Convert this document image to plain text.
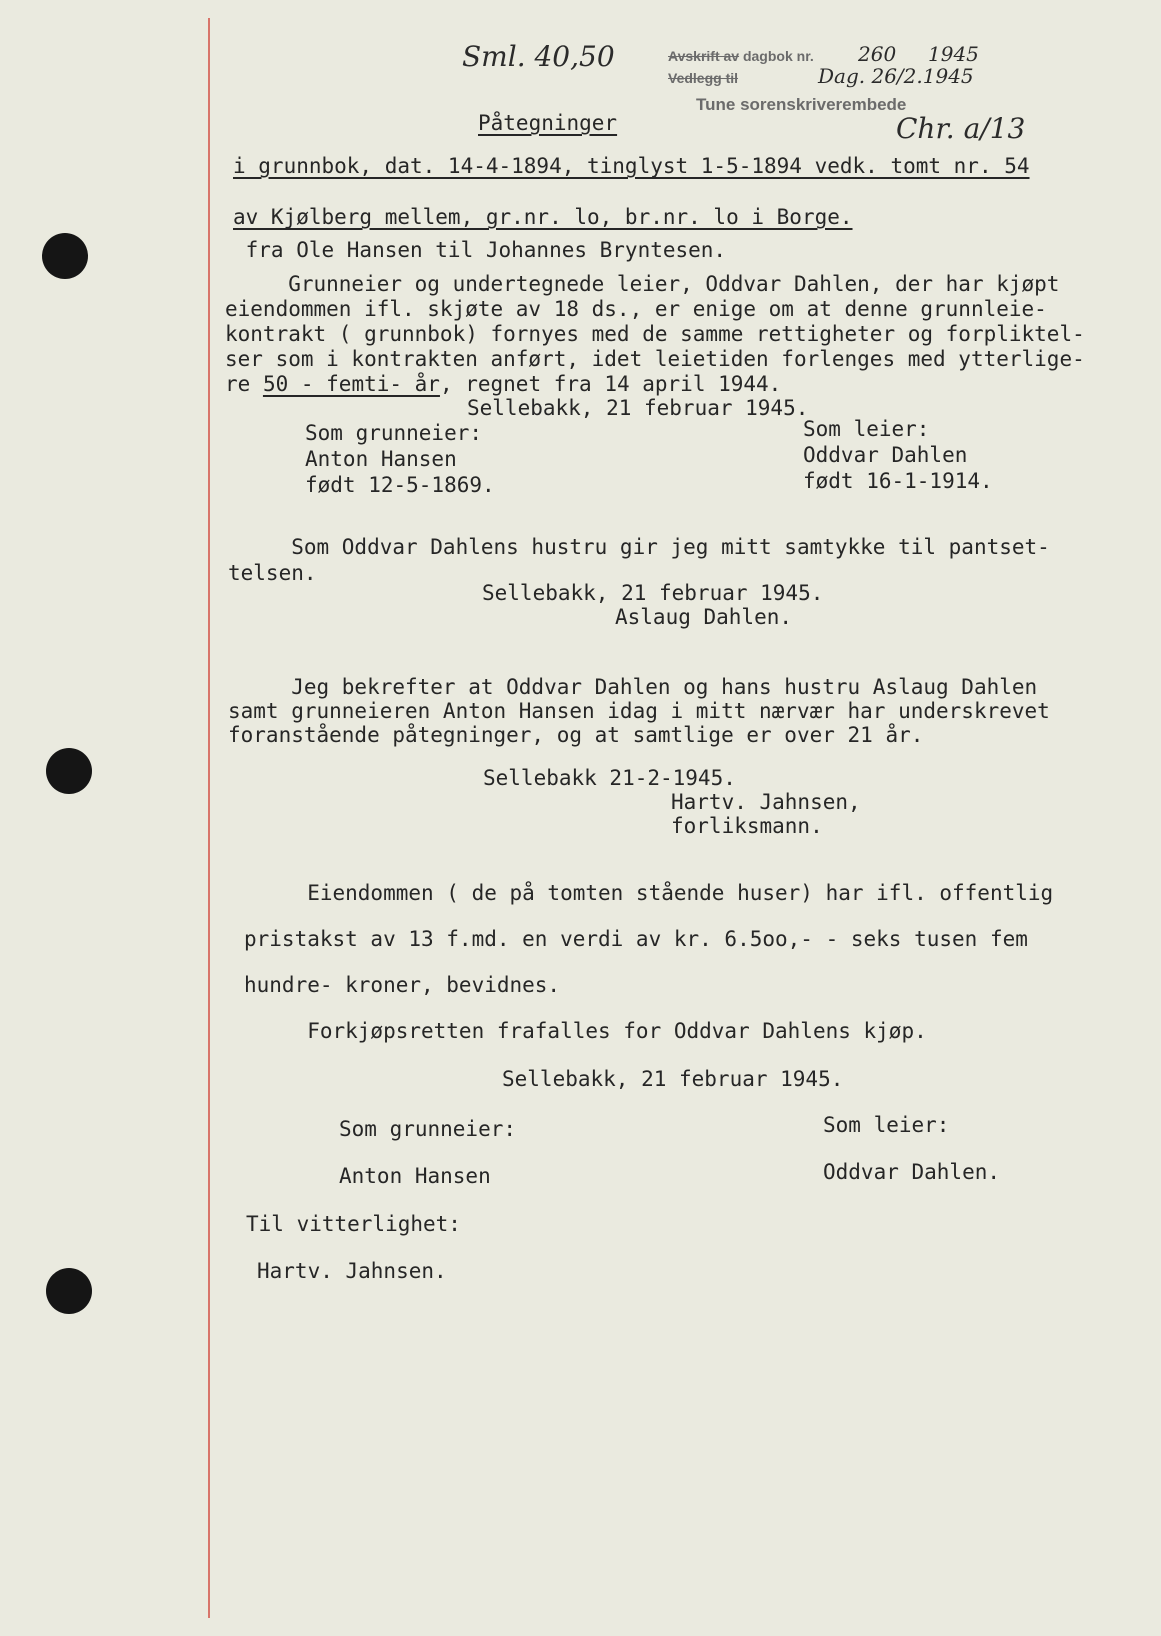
Sml. 40,50	Avskrift av dagbok nr. 260 1945
Vedlegg til	Dag. 26/2.1945
Tune sorenskriverembede
Chr. a/13
Påtegninger
i grunnbok, dat. 14-4-1894, tinglyst 1-5-1894 vedk. tomt nr. 54
av Kjølberg mellem, gr.nr. lo, br.nr. lo i Borge.
fra Ole Hansen til Johannes Bryntesen.
Grunneier og undertegnede leier, Oddvar Dahlen, der har kjøpt
eiendommen ifl. skjøte av 18 ds., er enige om at denne grunnleie-
kontrakt ( grunnbok) fornyes med de samme rettigheter og forpliktel-
ser som i kontrakten anført, idet leietiden forlenges med ytterlige-
re 50 - femti- år, regnet fra 14 april 1944.
Sellebakk, 21 februar 1945.
Som grunneier:
Anton Hansen
født 12-5-1869.
Som leier:
Oddvar Dahlen
født 16-1-1914.
Som Oddvar Dahlens hustru gir jeg mitt samtykke til pantset-
telsen.
Sellebakk, 21 februar 1945.
Aslaug Dahlen.
Jeg bekrefter at Oddvar Dahlen og hans hustru Aslaug Dahlen
samt grunneieren Anton Hansen idag i mitt nærvær har underskrevet
foranstående påtegninger, og at samtlige er over 21 år.
Sellebakk 21-2-1945.
Hartv. Jahnsen,
forliksmann.
Eiendommen ( de på tomten stående huser) har ifl. offentlig
pristakst av 13 f.md. en verdi av kr. 6.5oo,- - seks tusen fem
hundre- kroner, bevidnes.
Forkjøpsretten frafalles for Oddvar Dahlens kjøp.
Sellebakk, 21 februar 1945.
Som grunneier:	Som leier:
Anton Hansen	Oddvar Dahlen.
Til vitterlighet:
Hartv. Jahnsen.
